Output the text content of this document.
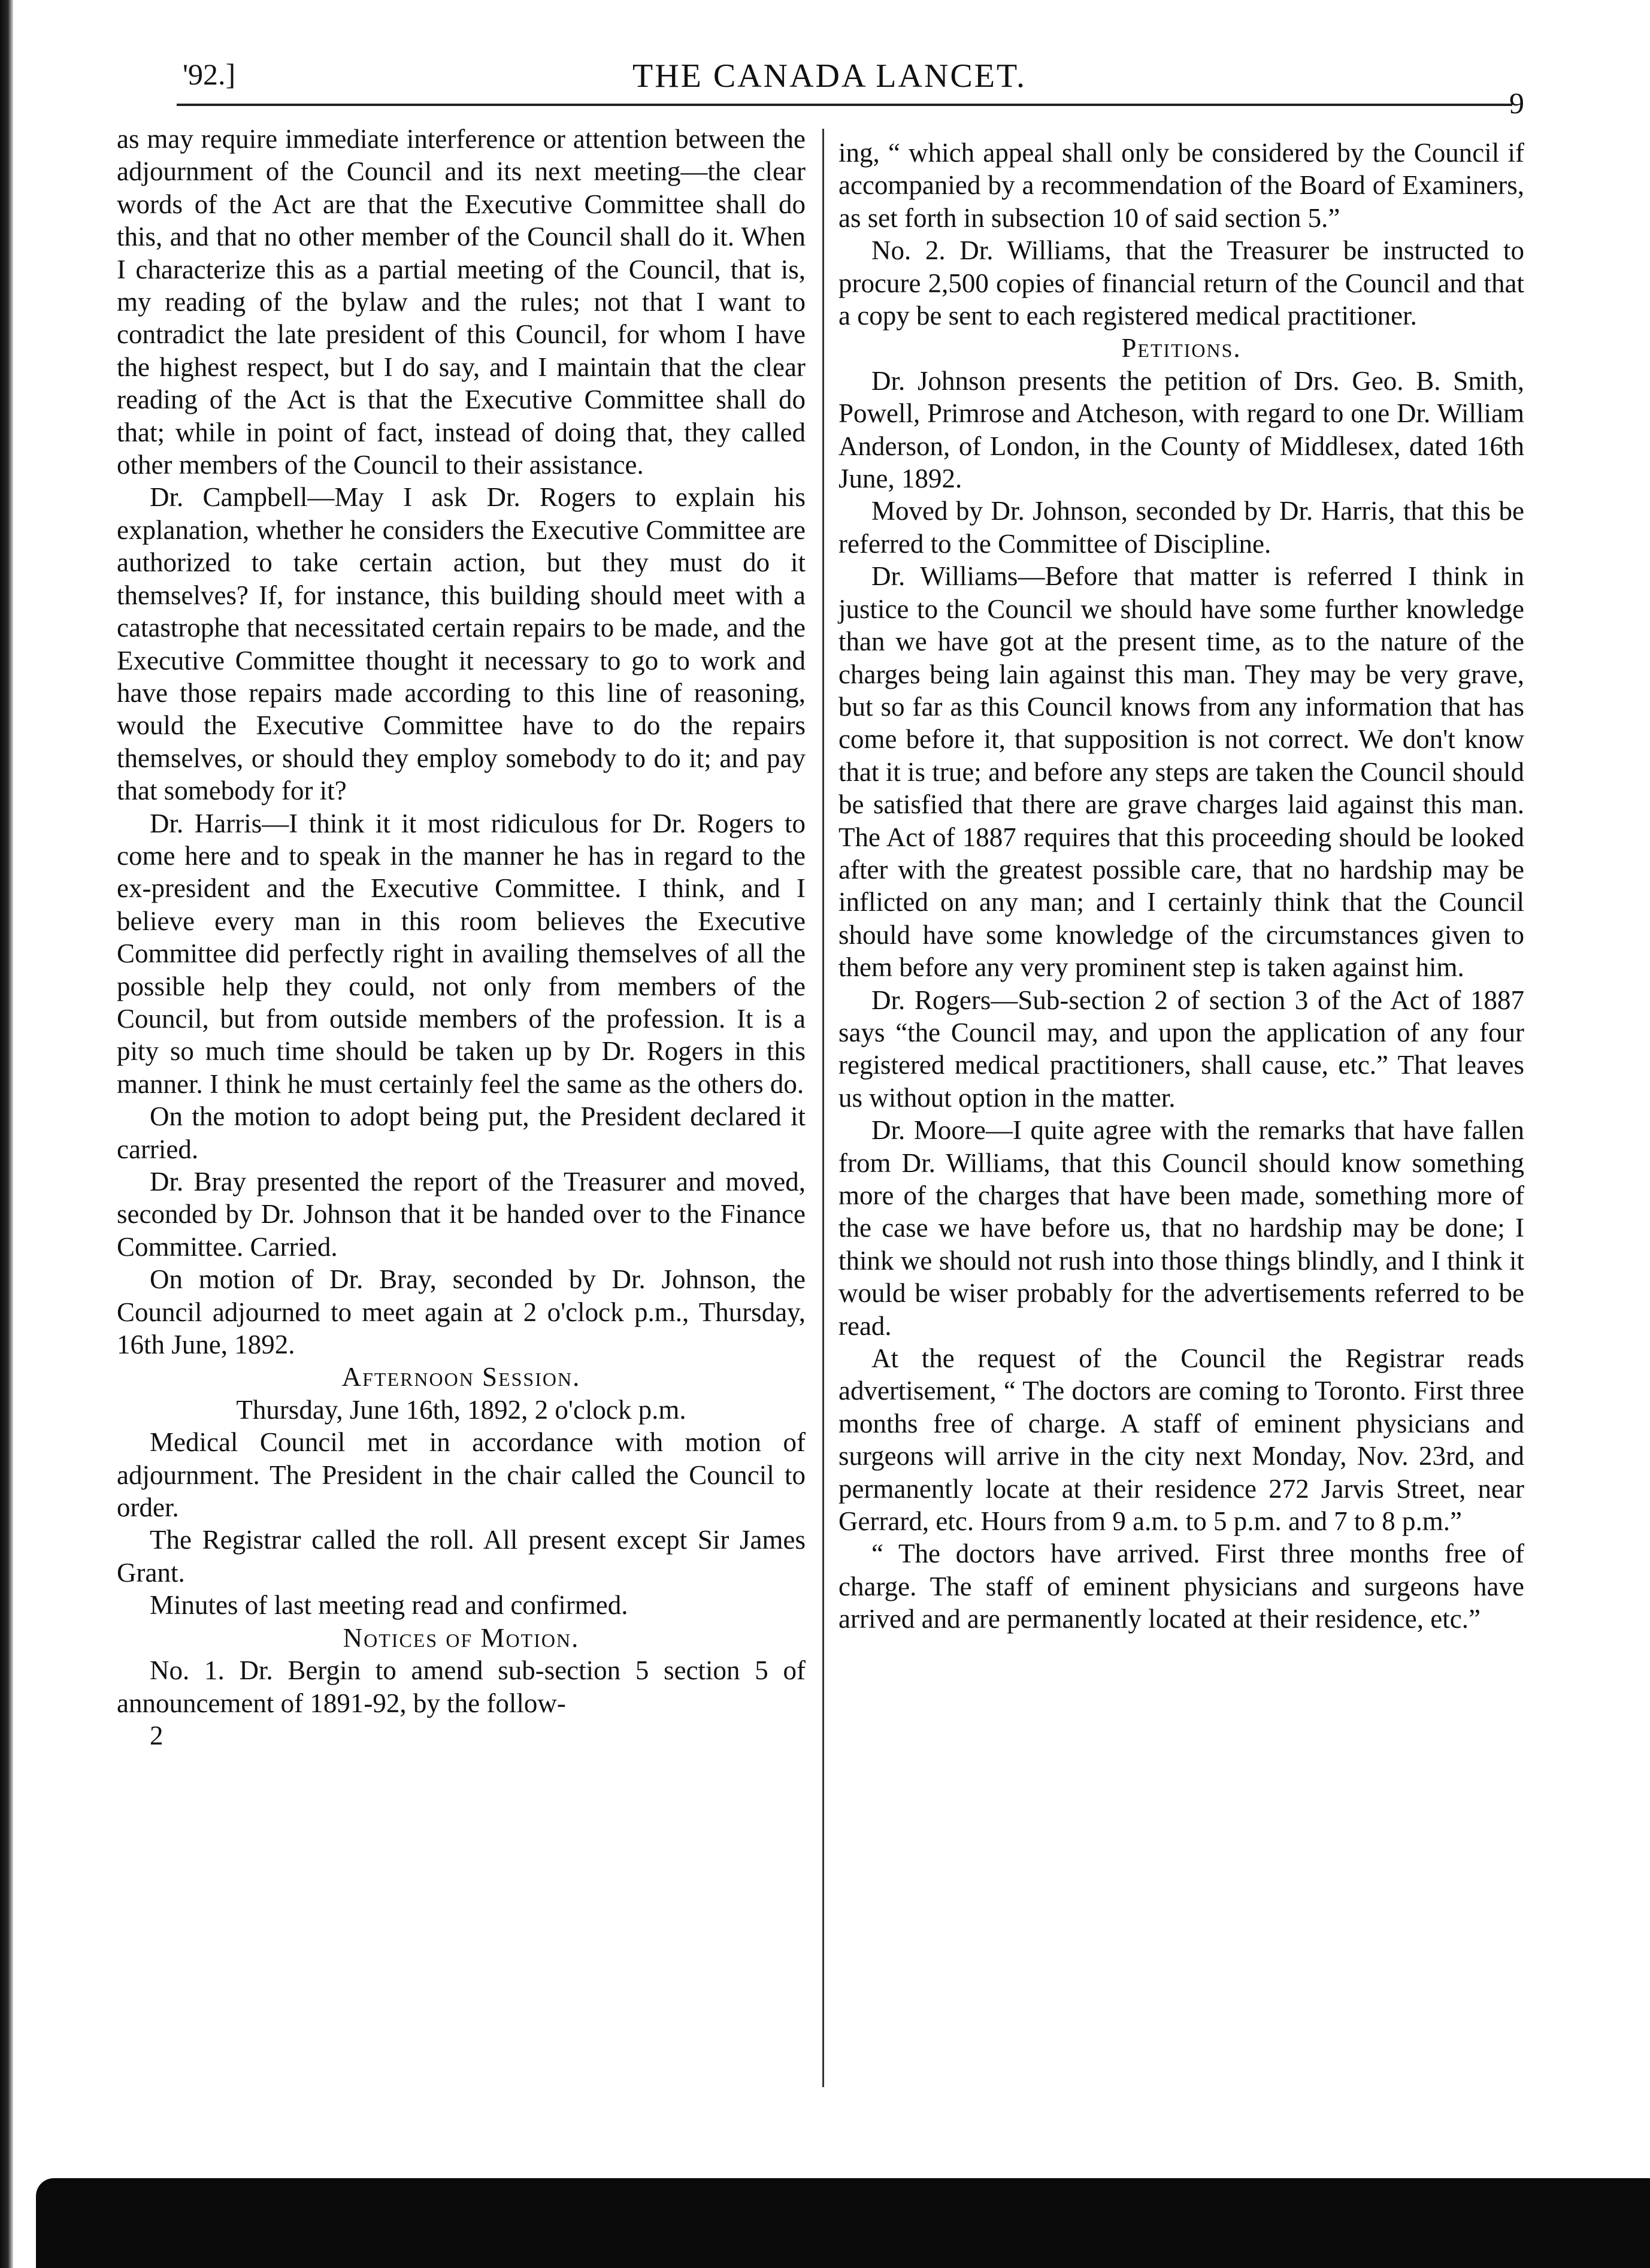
'92.]	THE CANADA LANCET.
9

as may require immediate interference or attention between the adjournment of the Council and its next meeting—the clear words of the Act are that the Executive Committee shall do this, and that no other member of the Council shall do it. When I characterize this as a partial meeting of the Council, that is, my reading of the bylaw and the rules; not that I want to contradict the late president of this Council, for whom I have the highest respect, but I do say, and I maintain that the clear reading of the Act is that the Executive Committee shall do that; while in point of fact, instead of doing that, they called other members of the Council to their assistance.

Dr. Campbell—May I ask Dr. Rogers to explain his explanation, whether he considers the Executive Committee are authorized to take certain action, but they must do it themselves? If, for instance, this building should meet with a catastrophe that necessitated certain repairs to be made, and the Executive Committee thought it necessary to go to work and have those repairs made according to this line of reasoning, would the Executive Committee have to do the repairs themselves, or should they employ somebody to do it; and pay that somebody for it?

Dr. Harris—I think it it most ridiculous for Dr. Rogers to come here and to speak in the manner he has in regard to the ex-president and the Executive Committee. I think, and I believe every man in this room believes the Executive Committee did perfectly right in availing themselves of all the possible help they could, not only from members of the Council, but from outside members of the profession. It is a pity so much time should be taken up by Dr. Rogers in this manner. I think he must certainly feel the same as the others do.

On the motion to adopt being put, the President declared it carried.

Dr. Bray presented the report of the Treasurer and moved, seconded by Dr. Johnson that it be handed over to the Finance Committee. Carried.

On motion of Dr. Bray, seconded by Dr. Johnson, the Council adjourned to meet again at 2 o'clock p.m., Thursday, 16th June, 1892.

Afternoon Session.

Thursday, June 16th, 1892, 2 o'clock p.m.

Medical Council met in accordance with motion of adjournment. The President in the chair called the Council to order.

The Registrar called the roll. All present except Sir James Grant.

Minutes of last meeting read and confirmed.

Notices of Motion.

No. 1. Dr. Bergin to amend sub-section 5 section 5 of announcement of 1891-92, by the follow-

2

ing, “ which appeal shall only be considered by the Council if accompanied by a recommendation of the Board of Examiners, as set forth in subsection 10 of said section 5.”

No. 2. Dr. Williams, that the Treasurer be instructed to procure 2,500 copies of financial return of the Council and that a copy be sent to each registered medical practitioner.

Petitions.

Dr. Johnson presents the petition of Drs. Geo. B. Smith, Powell, Primrose and Atcheson, with regard to one Dr. William Anderson, of London, in the County of Middlesex, dated 16th June, 1892.

Moved by Dr. Johnson, seconded by Dr. Harris, that this be referred to the Committee of Discipline.

Dr. Williams—Before that matter is referred I think in justice to the Council we should have some further knowledge than we have got at the present time, as to the nature of the charges being lain against this man. They may be very grave, but so far as this Council knows from any information that has come before it, that supposition is not correct. We don't know that it is true; and before any steps are taken the Council should be satisfied that there are grave charges laid against this man. The Act of 1887 requires that this proceeding should be looked after with the greatest possible care, that no hardship may be inflicted on any man; and I certainly think that the Council should have some knowledge of the circumstances given to them before any very prominent step is taken against him.

Dr. Rogers—Sub-section 2 of section 3 of the Act of 1887 says “the Council may, and upon the application of any four registered medical practitioners, shall cause, etc.” That leaves us without option in the matter.

Dr. Moore—I quite agree with the remarks that have fallen from Dr. Williams, that this Council should know something more of the charges that have been made, something more of the case we have before us, that no hardship may be done; I think we should not rush into those things blindly, and I think it would be wiser probably for the advertisements referred to be read.

At the request of the Council the Registrar reads advertisement, “ The doctors are coming to Toronto. First three months free of charge. A staff of eminent physicians and surgeons will arrive in the city next Monday, Nov. 23rd, and permanently locate at their residence 272 Jarvis Street, near Gerrard, etc. Hours from 9 a.m. to 5 p.m. and 7 to 8 p.m.”

“ The doctors have arrived. First three months free of charge. The staff of eminent physicians and surgeons have arrived and are permanently located at their residence, etc.”
